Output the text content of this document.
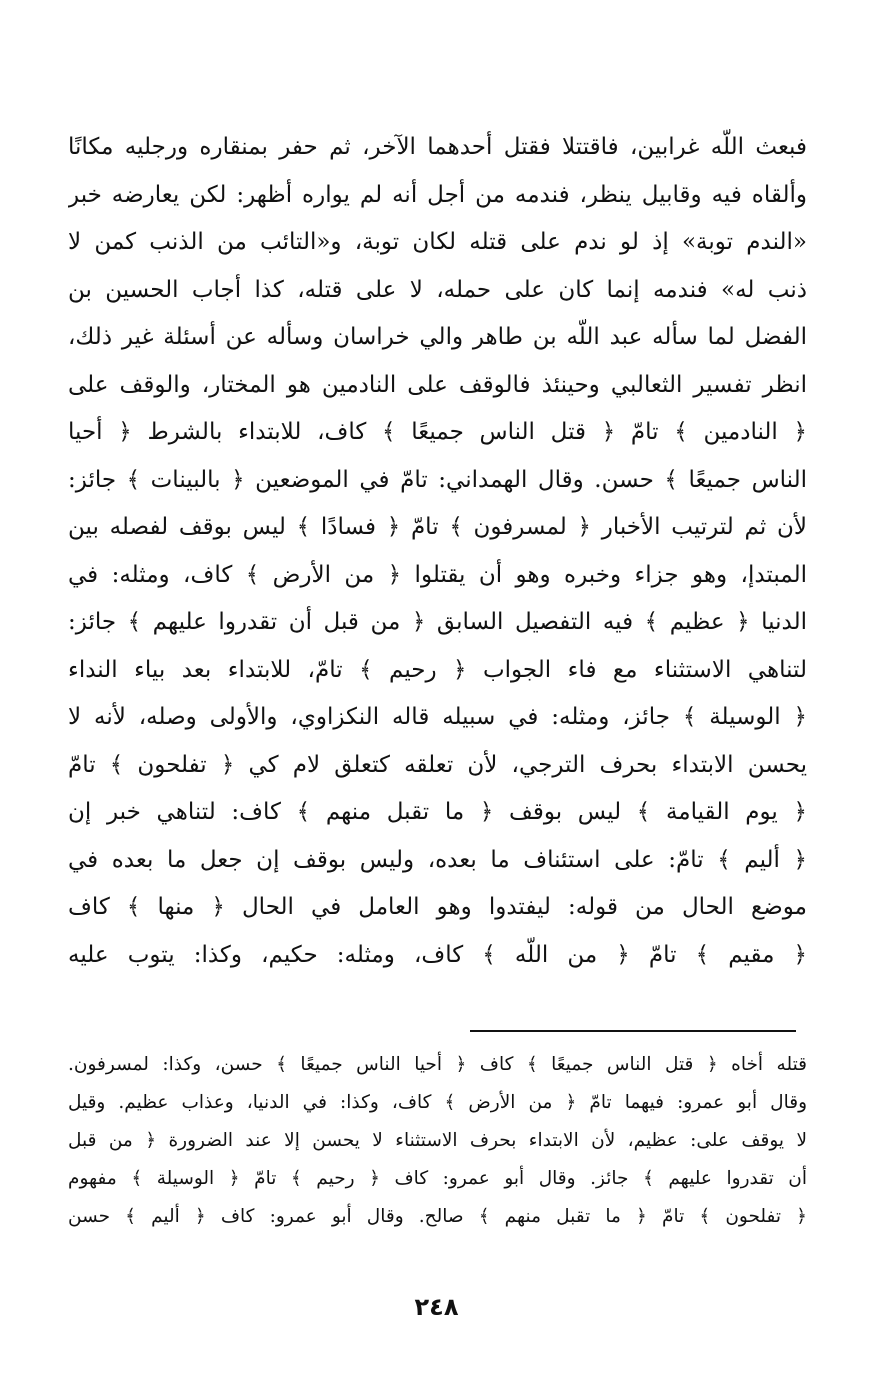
فبعث اللّه غرابين، فاقتتلا فقتل أحدهما الآخر، ثم حفر بمنقاره ورجليه مكانًا
وألقاه فيه وقابيل ينظر، فندمه من أجل أنه لم يواره أظهر: لكن يعارضه خبر
«الندم توبة» إذ لو ندم على قتله لكان توبة، و«التائب من الذنب كمن لا
ذنب له» فندمه إنما كان على حمله، لا على قتله، كذا أجاب الحسين بن
الفضل لما سأله عبد اللّه بن طاهر والي خراسان وسأله عن أسئلة غير ذلك،
انظر تفسير الثعالبي وحينئذ فالوقف على النادمين هو المختار، والوقف على
﴿ النادمين ﴾ تامّ ﴿ قتل الناس جميعًا ﴾ كاف، للابتداء بالشرط ﴿ أحيا
الناس جميعًا ﴾ حسن. وقال الهمداني: تامّ في الموضعين ﴿ بالبينات ﴾ جائز:
لأن ثم لترتيب الأخبار ﴿ لمسرفون ﴾ تامّ ﴿ فسادًا ﴾ ليس بوقف لفصله بين
المبتدإ، وهو جزاء وخبره وهو أن يقتلوا ﴿ من الأرض ﴾ كاف، ومثله: في
الدنيا ﴿ عظيم ﴾ فيه التفصيل السابق ﴿ من قبل أن تقدروا عليهم ﴾ جائز:
لتناهي الاستثناء مع فاء الجواب ﴿ رحيم ﴾ تامّ، للابتداء بعد بياء النداء
﴿ الوسيلة ﴾ جائز، ومثله: في سبيله قاله النكزاوي، والأولى وصله، لأنه لا
يحسن الابتداء بحرف الترجي، لأن تعلقه كتعلق لام كي ﴿ تفلحون ﴾ تامّ
﴿ يوم القيامة ﴾ ليس بوقف ﴿ ما تقبل منهم ﴾ كاف: لتناهي خبر إن
﴿ أليم ﴾ تامّ: على استئناف ما بعده، وليس بوقف إن جعل ما بعده في
موضع الحال من قوله: ليفتدوا وهو العامل في الحال ﴿ منها ﴾ كاف
﴿ مقيم ﴾ تامّ ﴿ من اللّه ﴾ كاف، ومثله: حكيم، وكذا: يتوب عليه
قتله أخاه ﴿ قتل الناس جميعًا ﴾ كاف ﴿ أحيا الناس جميعًا ﴾ حسن، وكذا: لمسرفون.
وقال أبو عمرو: فيهما تامّ ﴿ من الأرض ﴾ كاف، وكذا: في الدنيا، وعذاب عظيم. وقيل
لا يوقف على: عظيم، لأن الابتداء بحرف الاستثناء لا يحسن إلا عند الضرورة ﴿ من قبل
أن تقدروا عليهم ﴾ جائز. وقال أبو عمرو: كاف ﴿ رحيم ﴾ تامّ ﴿ الوسيلة ﴾ مفهوم
﴿ تفلحون ﴾ تامّ ﴿ ما تقبل منهم ﴾ صالح. وقال أبو عمرو: كاف ﴿ أليم ﴾ حسن
٢٤٨
